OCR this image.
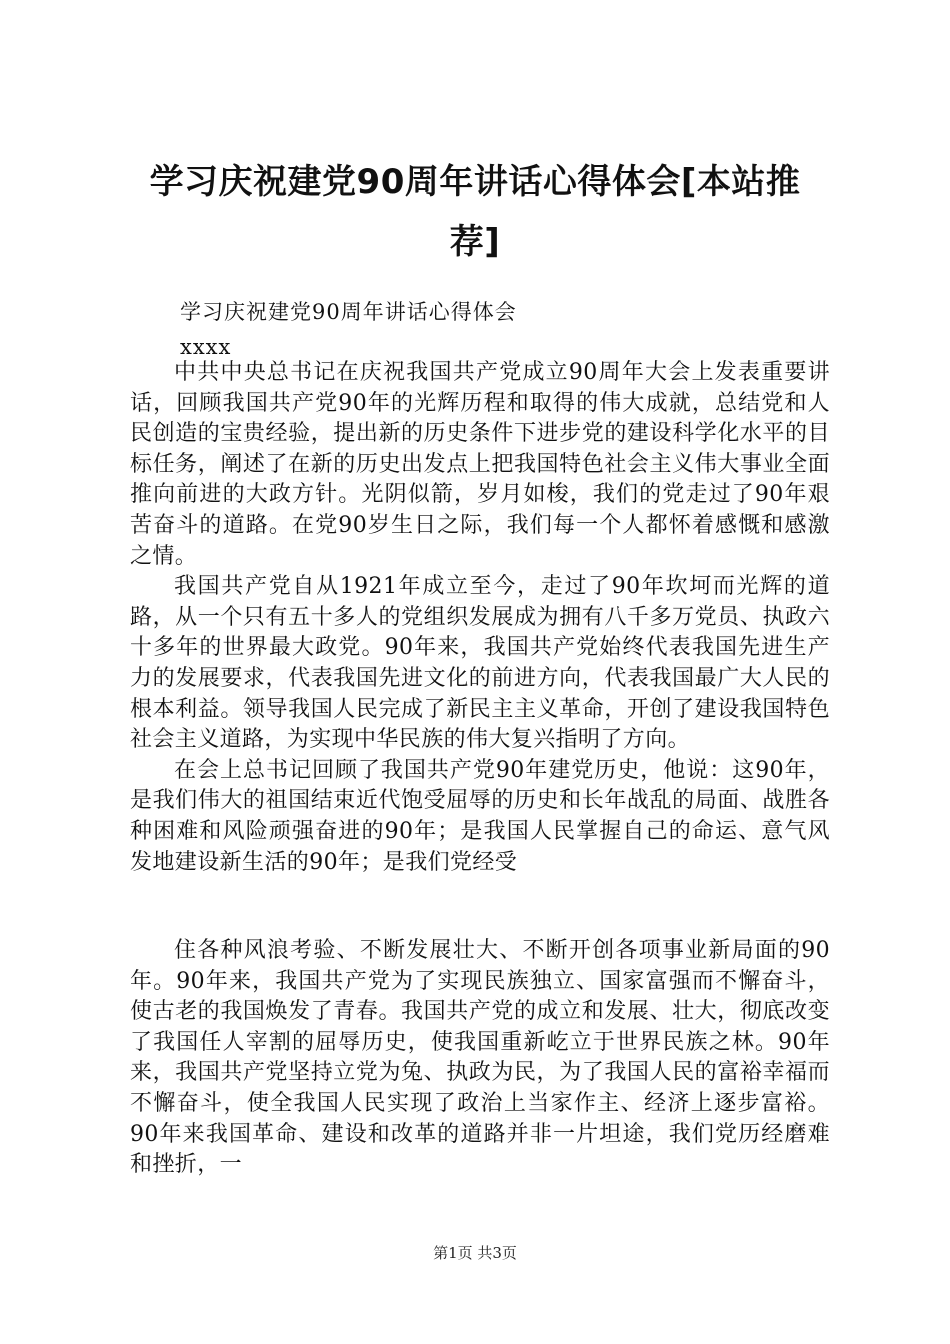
学习庆祝建党90周年讲话心得体会[本站推
荐]
学习庆祝建党90周年讲话心得体会
xxxx

中共中央总书记在庆祝我国共产党成立90周年大会上发表重要讲话，回顾我国共产党90年的光辉历程和取得的伟大成就，总结党和人民创造的宝贵经验，提出新的历史条件下进步党的建设科学化水平的目标任务，阐述了在新的历史出发点上把我国特色社会主义伟大事业全面推向前进的大政方针。光阴似箭，岁月如梭，我们的党走过了90年艰苦奋斗的道路。在党90岁生日之际，我们每一个人都怀着感慨和感激之情。

我国共产党自从1921年成立至今，走过了90年坎坷而光辉的道路，从一个只有五十多人的党组织发展成为拥有八千多万党员、执政六十多年的世界最大政党。90年来，我国共产党始终代表我国先进生产力的发展要求，代表我国先进文化的前进方向，代表我国最广大人民的根本利益。领导我国人民完成了新民主主义革命，开创了建设我国特色社会主义道路，为实现中华民族的伟大复兴指明了方向。

在会上总书记回顾了我国共产党90年建党历史，他说：这90年，是我们伟大的祖国结束近代饱受屈辱的历史和长年战乱的局面、战胜各种困难和风险顽强奋进的90年；是我国人民掌握自己的命运、意气风发地建设新生活的90年；是我们党经受

住各种风浪考验、不断发展壮大、不断开创各项事业新局面的90年。90年来，我国共产党为了实现民族独立、国家富强而不懈奋斗，使古老的我国焕发了青春。我国共产党的成立和发展、壮大，彻底改变了我国任人宰割的屈辱历史，使我国重新屹立于世界民族之林。90年来，我国共产党坚持立党为兔、执政为民，为了我国人民的富裕幸福而不懈奋斗，使全我国人民实现了政治上当家作主、经济上逐步富裕。90年来我国革命、建设和改革的道路并非一片坦途，我们党历经磨难和挫折，一

第1页 共3页
